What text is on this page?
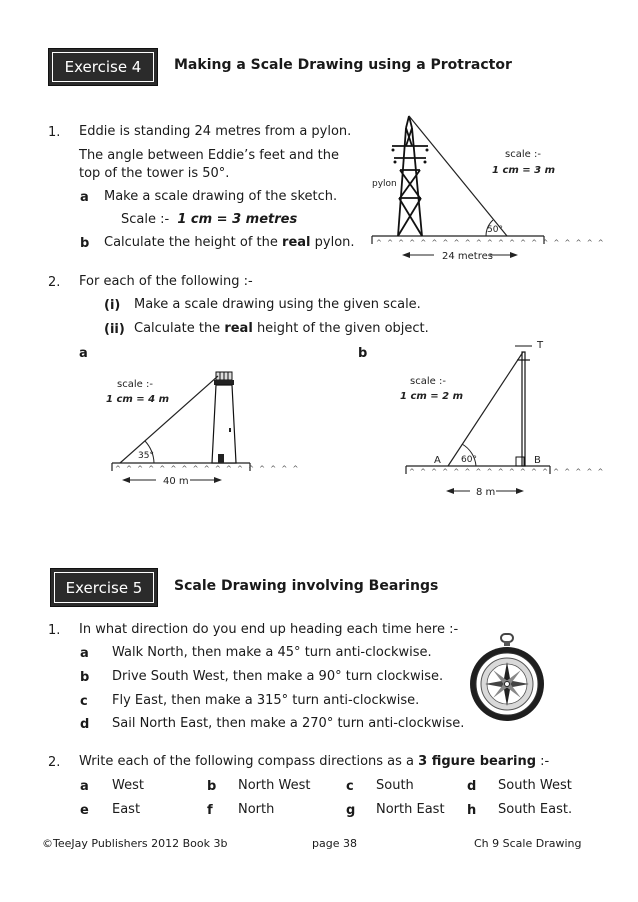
Exercise 4 Making a Scale Drawing using a Protractor
1. Eddie is standing 24 metres from a pylon.
The angle between Eddie’s feet and the
top of the tower is 50°.
a Make a scale drawing of the sketch.
Scale :- 1 cm = 3 metres
b Calculate the height of the real pylon.	^ ^ ^ ^ ^ ^ ^ ^ ^ ^ ^ ^ ^ ^ ^ ^ ^ ^ ^ ^ ^
pylon
scale :-
1 cm = 3 m
50°
24 metres
2. For each of the following :-
(i) Make a scale drawing using the given scale.
(ii) Calculate the real height of the given object.
a	b
^ ^ ^ ^ ^ ^ ^ ^ ^ ^ ^ ^ ^ ^ ^ ^ ^
scale :-
1 cm = 4 m
35°
40 m
^ ^ ^ ^ ^ ^ ^ ^ ^ ^ ^ ^ ^ ^ ^ ^ ^ ^
T
A	B
60°
scale :-
1 cm = 2 m
8 m
Exercise 5 Scale Drawing involving Bearings
1. In what direction do you end up heading each time here :-
a Walk North, then make a 45° turn anti-clockwise.
b Drive South West, then make a 90° turn clockwise.
c Fly East, then make a 315° turn anti-clockwise.
d Sail North East, then make a 270° turn anti-clockwise.
2. Write each of the following compass directions as a 3 figure bearing :-
a West	b North West	c South	d South West
e East	f North	g North East h South East.
©TeeJay Publishers 2012 Book 3b	page 38	Ch 9 Scale Drawing
